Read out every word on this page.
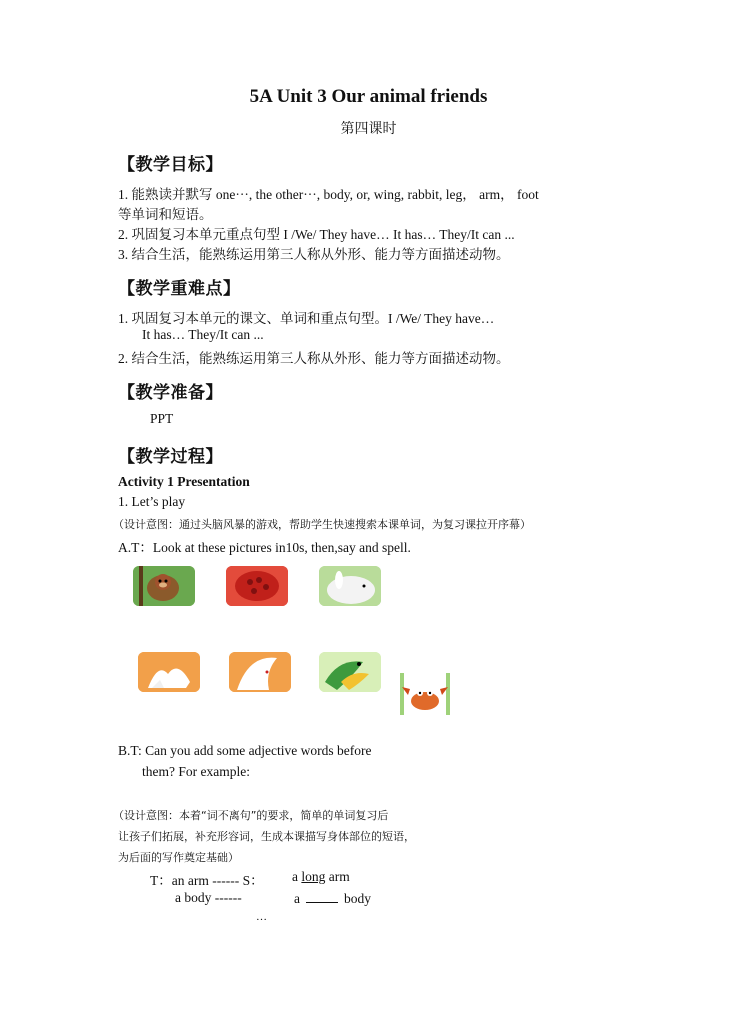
5A Unit 3 Our animal friends
第四课时
【教学目标】
1. 能熟读并默写 one···, the other···, body, or, wing, rabbit, leg， arm， foot
等单词和短语。
2. 巩固复习本单元重点句型 I /We/ They have… It has… They/It can ...
3. 结合生活，能熟练运用第三人称从外形、能力等方面描述动物。
【教学重难点】
1. 巩固复习本单元的课文、单词和重点句型。I /We/ They have…
It has… They/It can ...
2. 结合生活，能熟练运用第三人称从外形、能力等方面描述动物。
【教学准备】
PPT
【教学过程】
Activity 1 Presentation
1. Let’s play
（设计意图：通过头脑风暴的游戏，帮助学生快速搜索本课单词，为复习课拉开序幕）
A.T：Look at these pictures in10s, then,say and spell.
B.T: Can you add some adjective words before
them? For example:
（设计意图：本着“词不离句”的要求，简单的单词复习后
让孩子们拓展，补充形容词，生成本课描写身体部位的短语，
为后面的写作奠定基础）
T：an arm ------ S： a long arm
a body ------	a	body
…
